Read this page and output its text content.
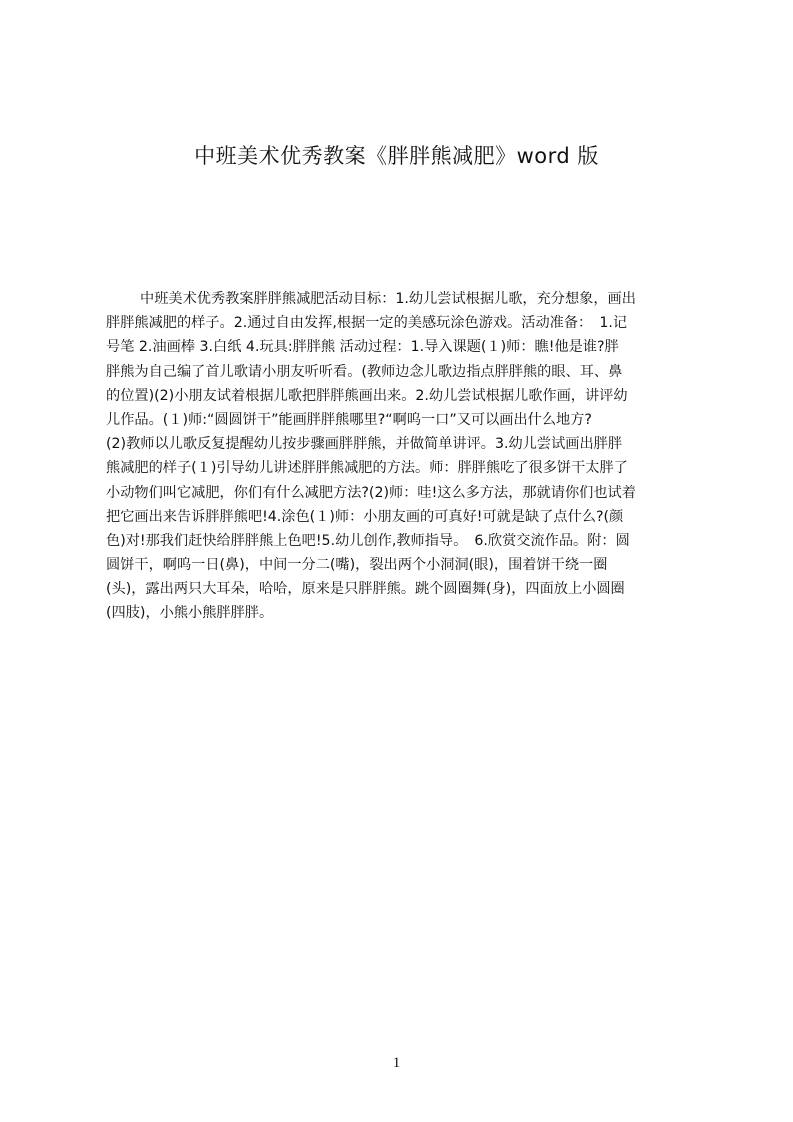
中班美术优秀教案《胖胖熊减肥》word 版
中班美术优秀教案胖胖熊减肥活动目标：1.幼儿尝试根据儿歌，充分想象，画出
胖胖熊减肥的样子。2.通过自由发挥,根据一定的美感玩涂色游戏。活动准备：　1.记
号笔 2.油画棒 3.白纸 4.玩具:胖胖熊 活动过程：1.导入课题(１)师：瞧!他是谁?胖
胖熊为自己编了首儿歌请小朋友听听看。(教师边念儿歌边指点胖胖熊的眼、耳、鼻
的位置)(2)小朋友试着根据儿歌把胖胖熊画出来。2.幼儿尝试根据儿歌作画，讲评幼
儿作品。(１)师:“圆圆饼干”能画胖胖熊哪里?“啊呜一口”又可以画出什么地方?
(2)教师以儿歌反复提醒幼儿按步骤画胖胖熊，并做简单讲评。3.幼儿尝试画出胖胖
熊减肥的样子(１)引导幼儿讲述胖胖熊减肥的方法。师：胖胖熊吃了很多饼干太胖了
小动物们叫它减肥，你们有什么减肥方法?(2)师：哇!这么多方法，那就请你们也试着
把它画出来告诉胖胖熊吧!4.涂色(１)师：小朋友画的可真好!可就是缺了点什么?(颜
色)对!那我们赶快给胖胖熊上色吧!5.幼儿创作,教师指导。　6.欣赏交流作品。附：圆
圆饼干，啊呜一日(鼻)，中间一分二(嘴)，裂出两个小洞洞(眼)，围着饼干绕一圈
(头)，露出两只大耳朵，哈哈，原来是只胖胖熊。跳个圆圈舞(身)，四面放上小圆圈
(四肢)，小熊小熊胖胖胖。
1
